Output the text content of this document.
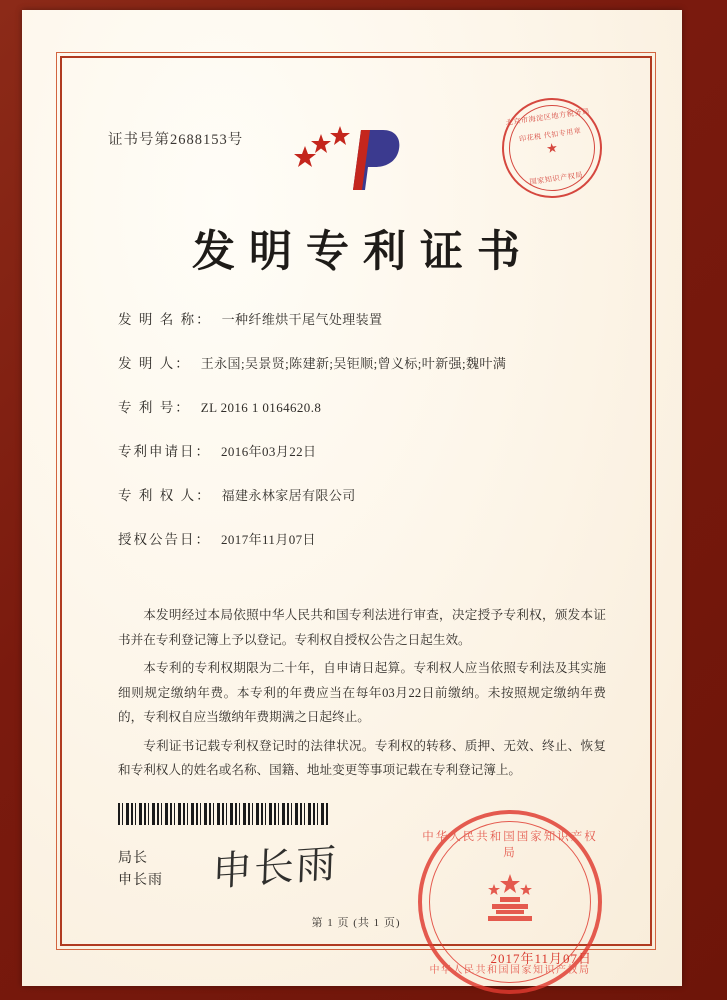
证书号第2688153号
北京市海淀区地方税务局
印花税 代扣专用章
★
国家知识产权局
发明专利证书
发 明 名 称： 一种纤维烘干尾气处理装置
发 明 人： 王永国;吴景贤;陈建新;吴钜顺;曾义标;叶新强;魏叶满
专 利 号： ZL 2016 1 0164620.8
专利申请日： 2016年03月22日
专 利 权 人： 福建永林家居有限公司
授权公告日： 2017年11月07日

本发明经过本局依照中华人民共和国专利法进行审查，决定授予专利权，颁发本证书并在专利登记簿上予以登记。专利权自授权公告之日起生效。

本专利的专利权期限为二十年，自申请日起算。专利权人应当依照专利法及其实施细则规定缴纳年费。本专利的年费应当在每年03月22日前缴纳。未按照规定缴纳年费的，专利权自应当缴纳年费期满之日起终止。

专利证书记载专利权登记时的法律状况。专利权的转移、质押、无效、终止、恢复和专利权人的姓名或名称、国籍、地址变更等事项记载在专利登记簿上。

局长
申长雨 申长雨
中华人民共和国国家知识产权局
中华人民共和国国家知识产权局
2017年11月07日
第 1 页 (共 1 页)
